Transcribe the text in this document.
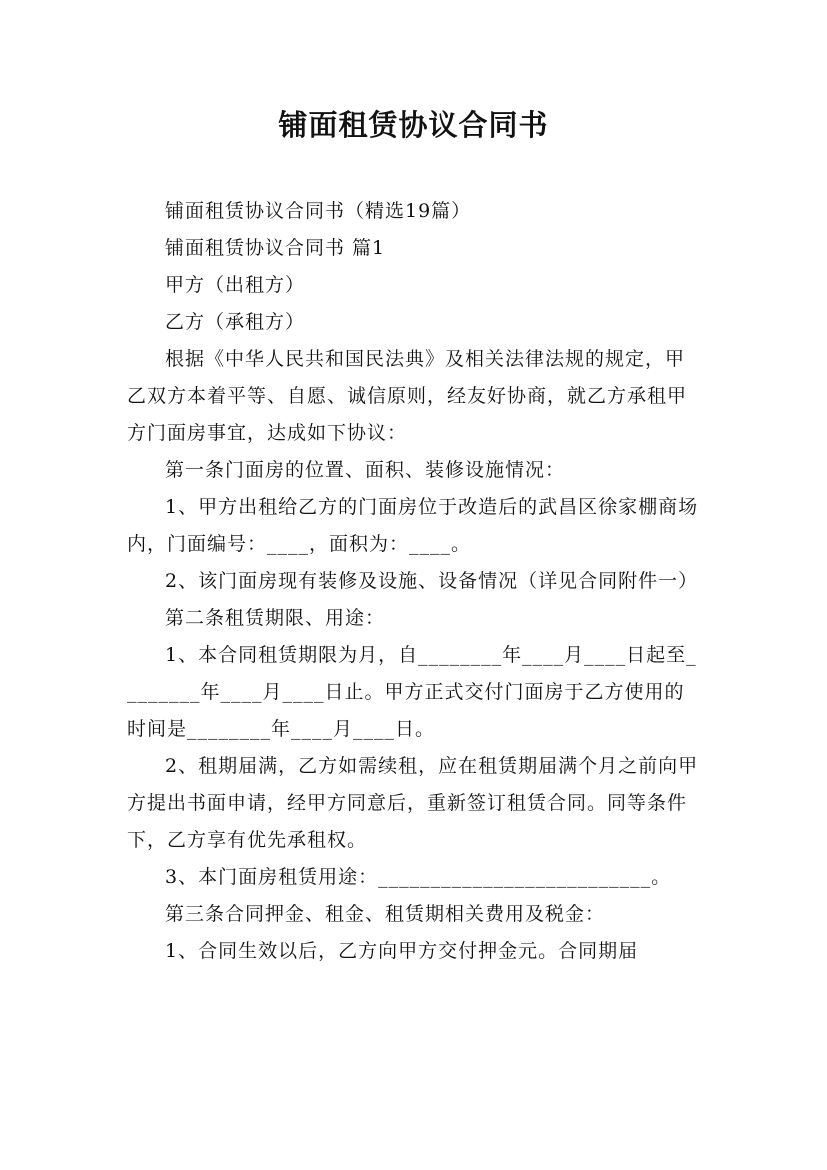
铺面租赁协议合同书

铺面租赁协议合同书（精选19篇）

铺面租赁协议合同书 篇1

甲方（出租方）

乙方（承租方）

根据《中华人民共和国民法典》及相关法律法规的规定，甲乙双方本着平等、自愿、诚信原则，经友好协商，就乙方承租甲方门面房事宜，达成如下协议：

第一条门面房的位置、面积、装修设施情况：

1、甲方出租给乙方的门面房位于改造后的武昌区徐家棚商场内，门面编号：____，面积为：____。

2、该门面房现有装修及设施、设备情况（详见合同附件一）

第二条租赁期限、用途：

1、本合同租赁期限为月，自________年____月____日起至________年____月____日止。甲方正式交付门面房于乙方使用的时间是________年____月____日。

2、租期届满，乙方如需续租，应在租赁期届满个月之前向甲方提出书面申请，经甲方同意后，重新签订租赁合同。同等条件下，乙方享有优先承租权。

3、本门面房租赁用途：__________________________。

第三条合同押金、租金、租赁期相关费用及税金：

1、合同生效以后，乙方向甲方交付押金元。合同期届
